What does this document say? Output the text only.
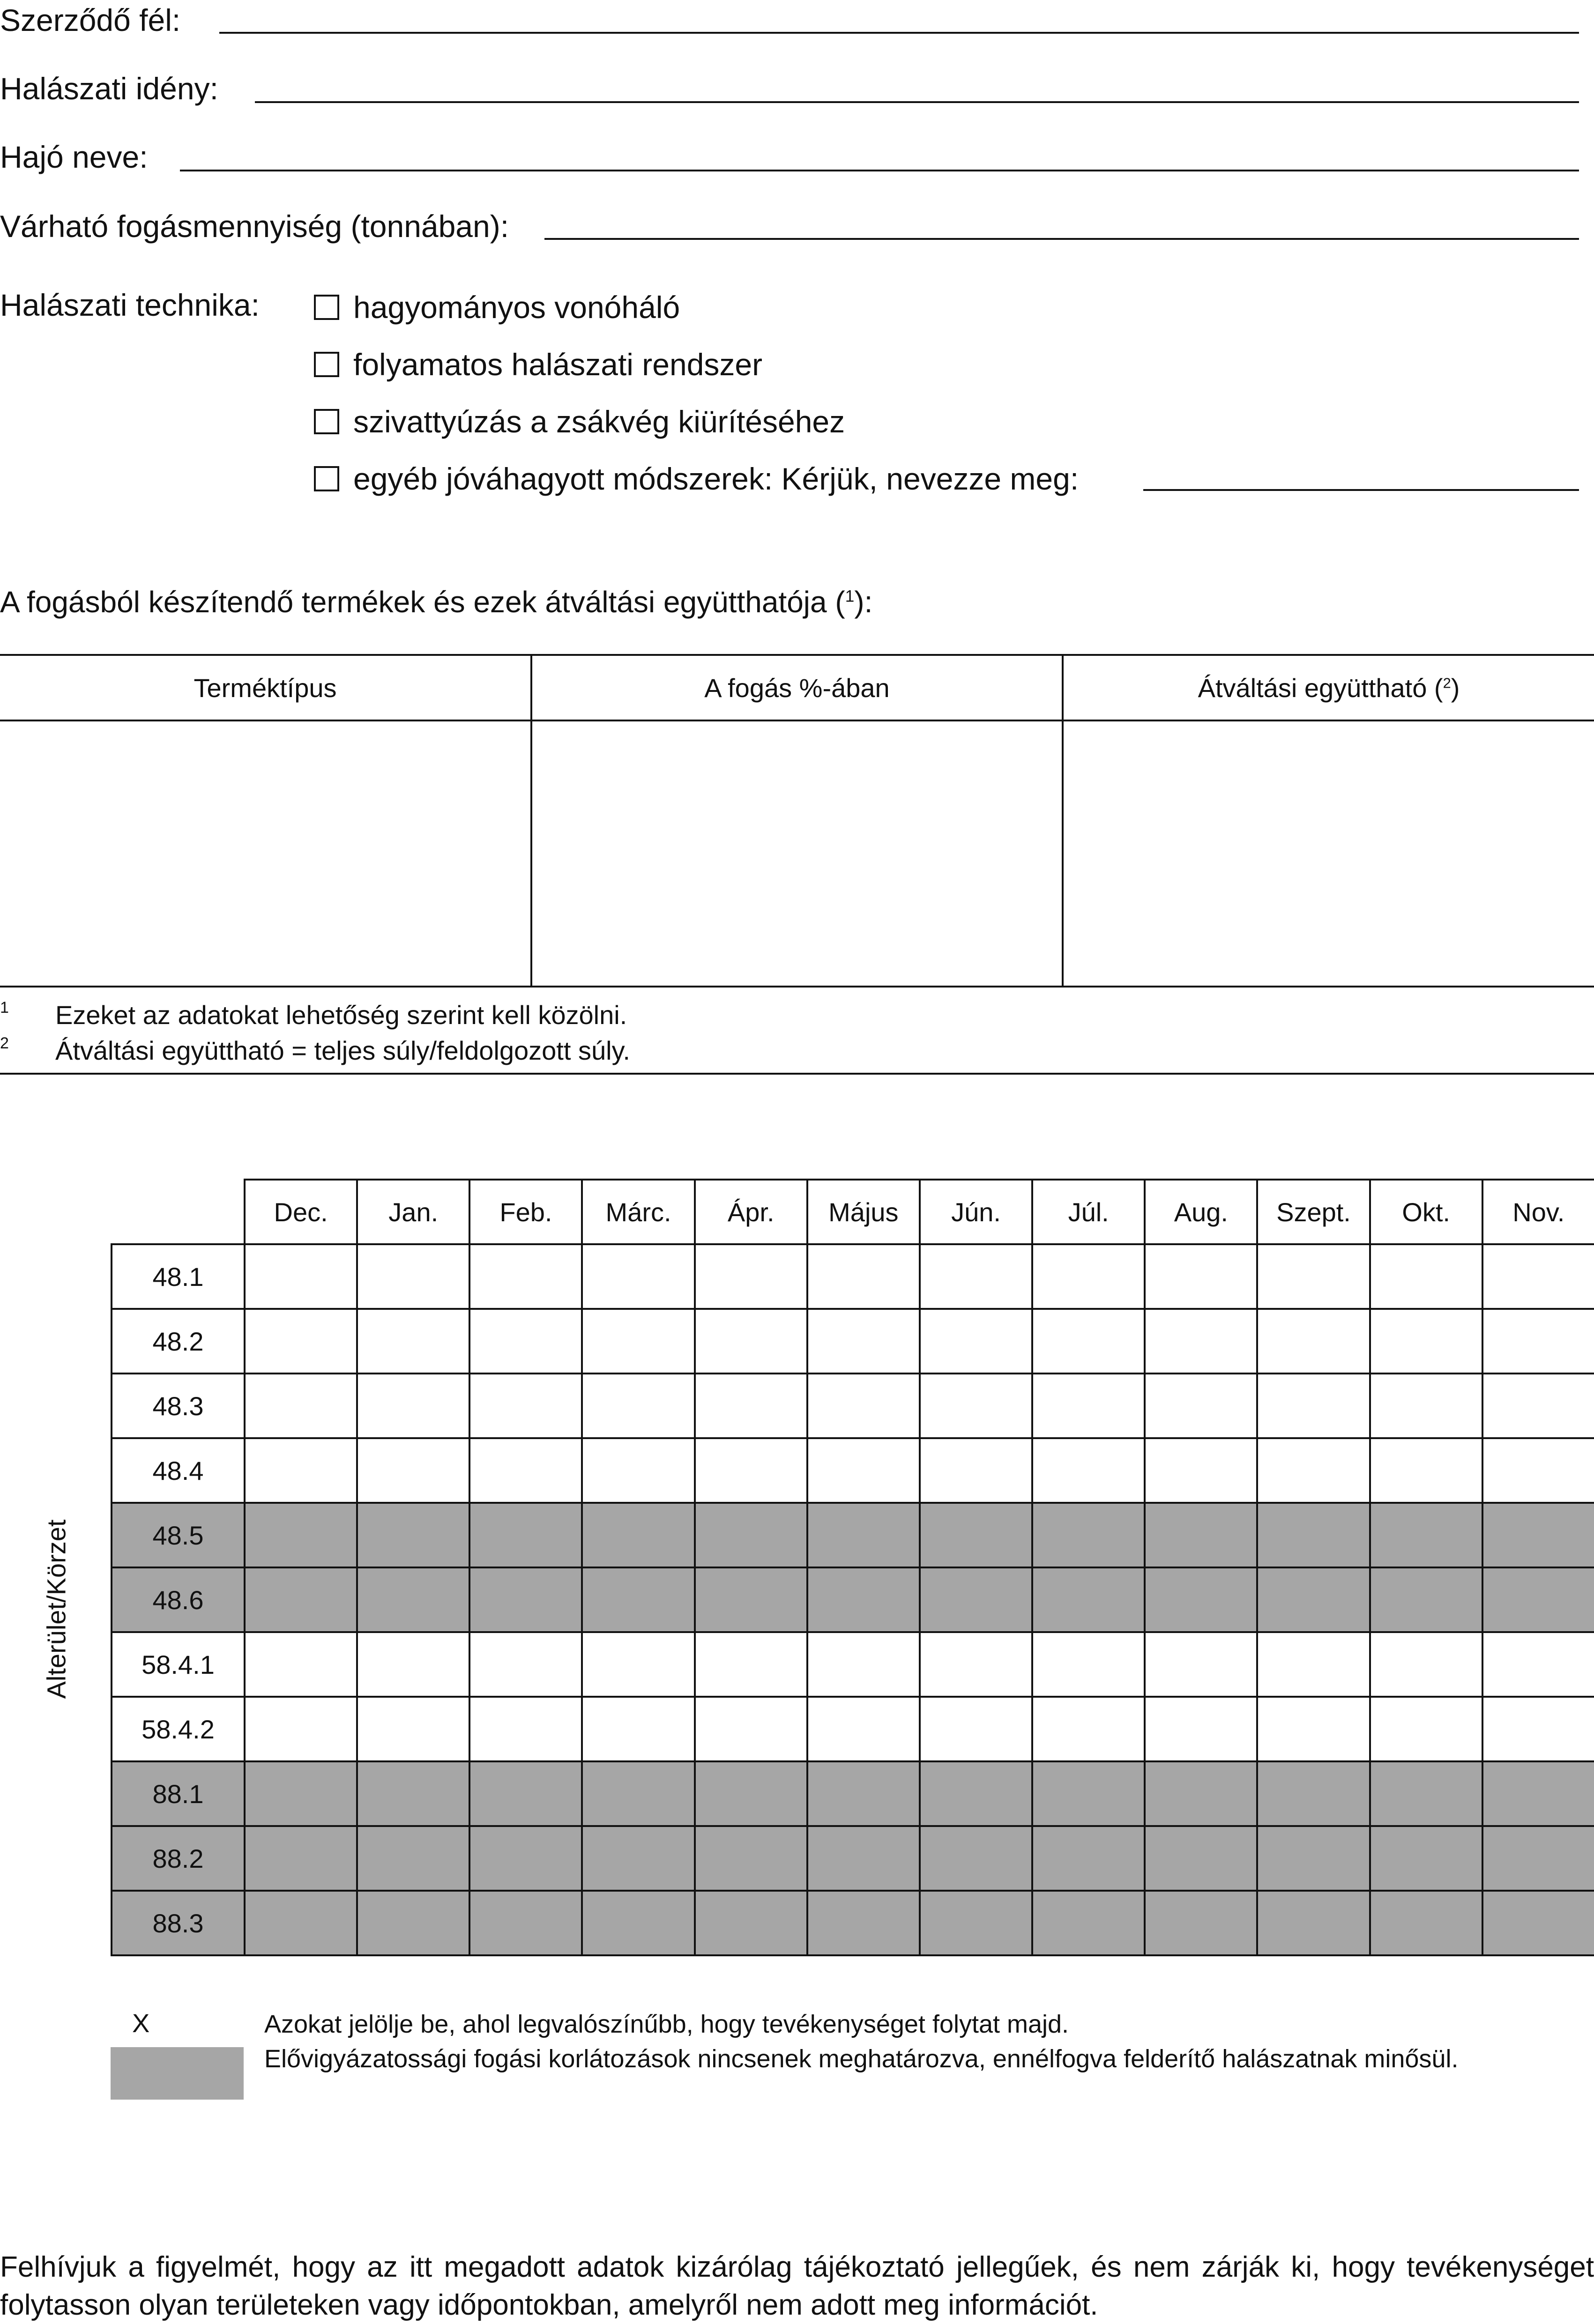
Szerződő fél:
Halászati idény:
Hajó neve:
Várható fogásmennyiség (tonnában):
Halászati technika:	hagyományos vonóháló
folyamatos halászati rendszer
szivattyúzás a zsákvég kiürítéséhez
egyéb jóváhagyott módszerek: Kérjük, nevezze meg:
A fogásból készítendő termékek és ezek átváltási együtthatója ($^1$):
Terméktípus	A fogás %-ában	Átváltási együttható ($^2$)

1	Ezeket az adatokat lehetőség szerint kell közölni.
2	Átváltási együttható = teljes súly/feldolgozott súly.
Alterület/Körzet
	Dec.	Jan.	Feb.	Márc.	Ápr.	Május	Jún.	Júl.	Aug.	Szept.	Okt.	Nov.
48.1												
48.2												
48.3												
48.4												
48.5												
48.6												
58.4.1												
58.4.2												
88.1												
88.2												
88.3												
X	Azokat jelölje be, ahol legvalószínűbb, hogy tevékenységet folytat majd.
Elővigyázatossági fogási korlátozások nincsenek meghatározva, ennélfogva felderítő halászatnak minősül.
Felhívjuk a figyelmét, hogy az itt megadott adatok kizárólag tájékoztató jellegűek, és nem zárják ki, hogy tevékenységet folytasson olyan területeken vagy időpontokban, amelyről nem adott meg információt.
